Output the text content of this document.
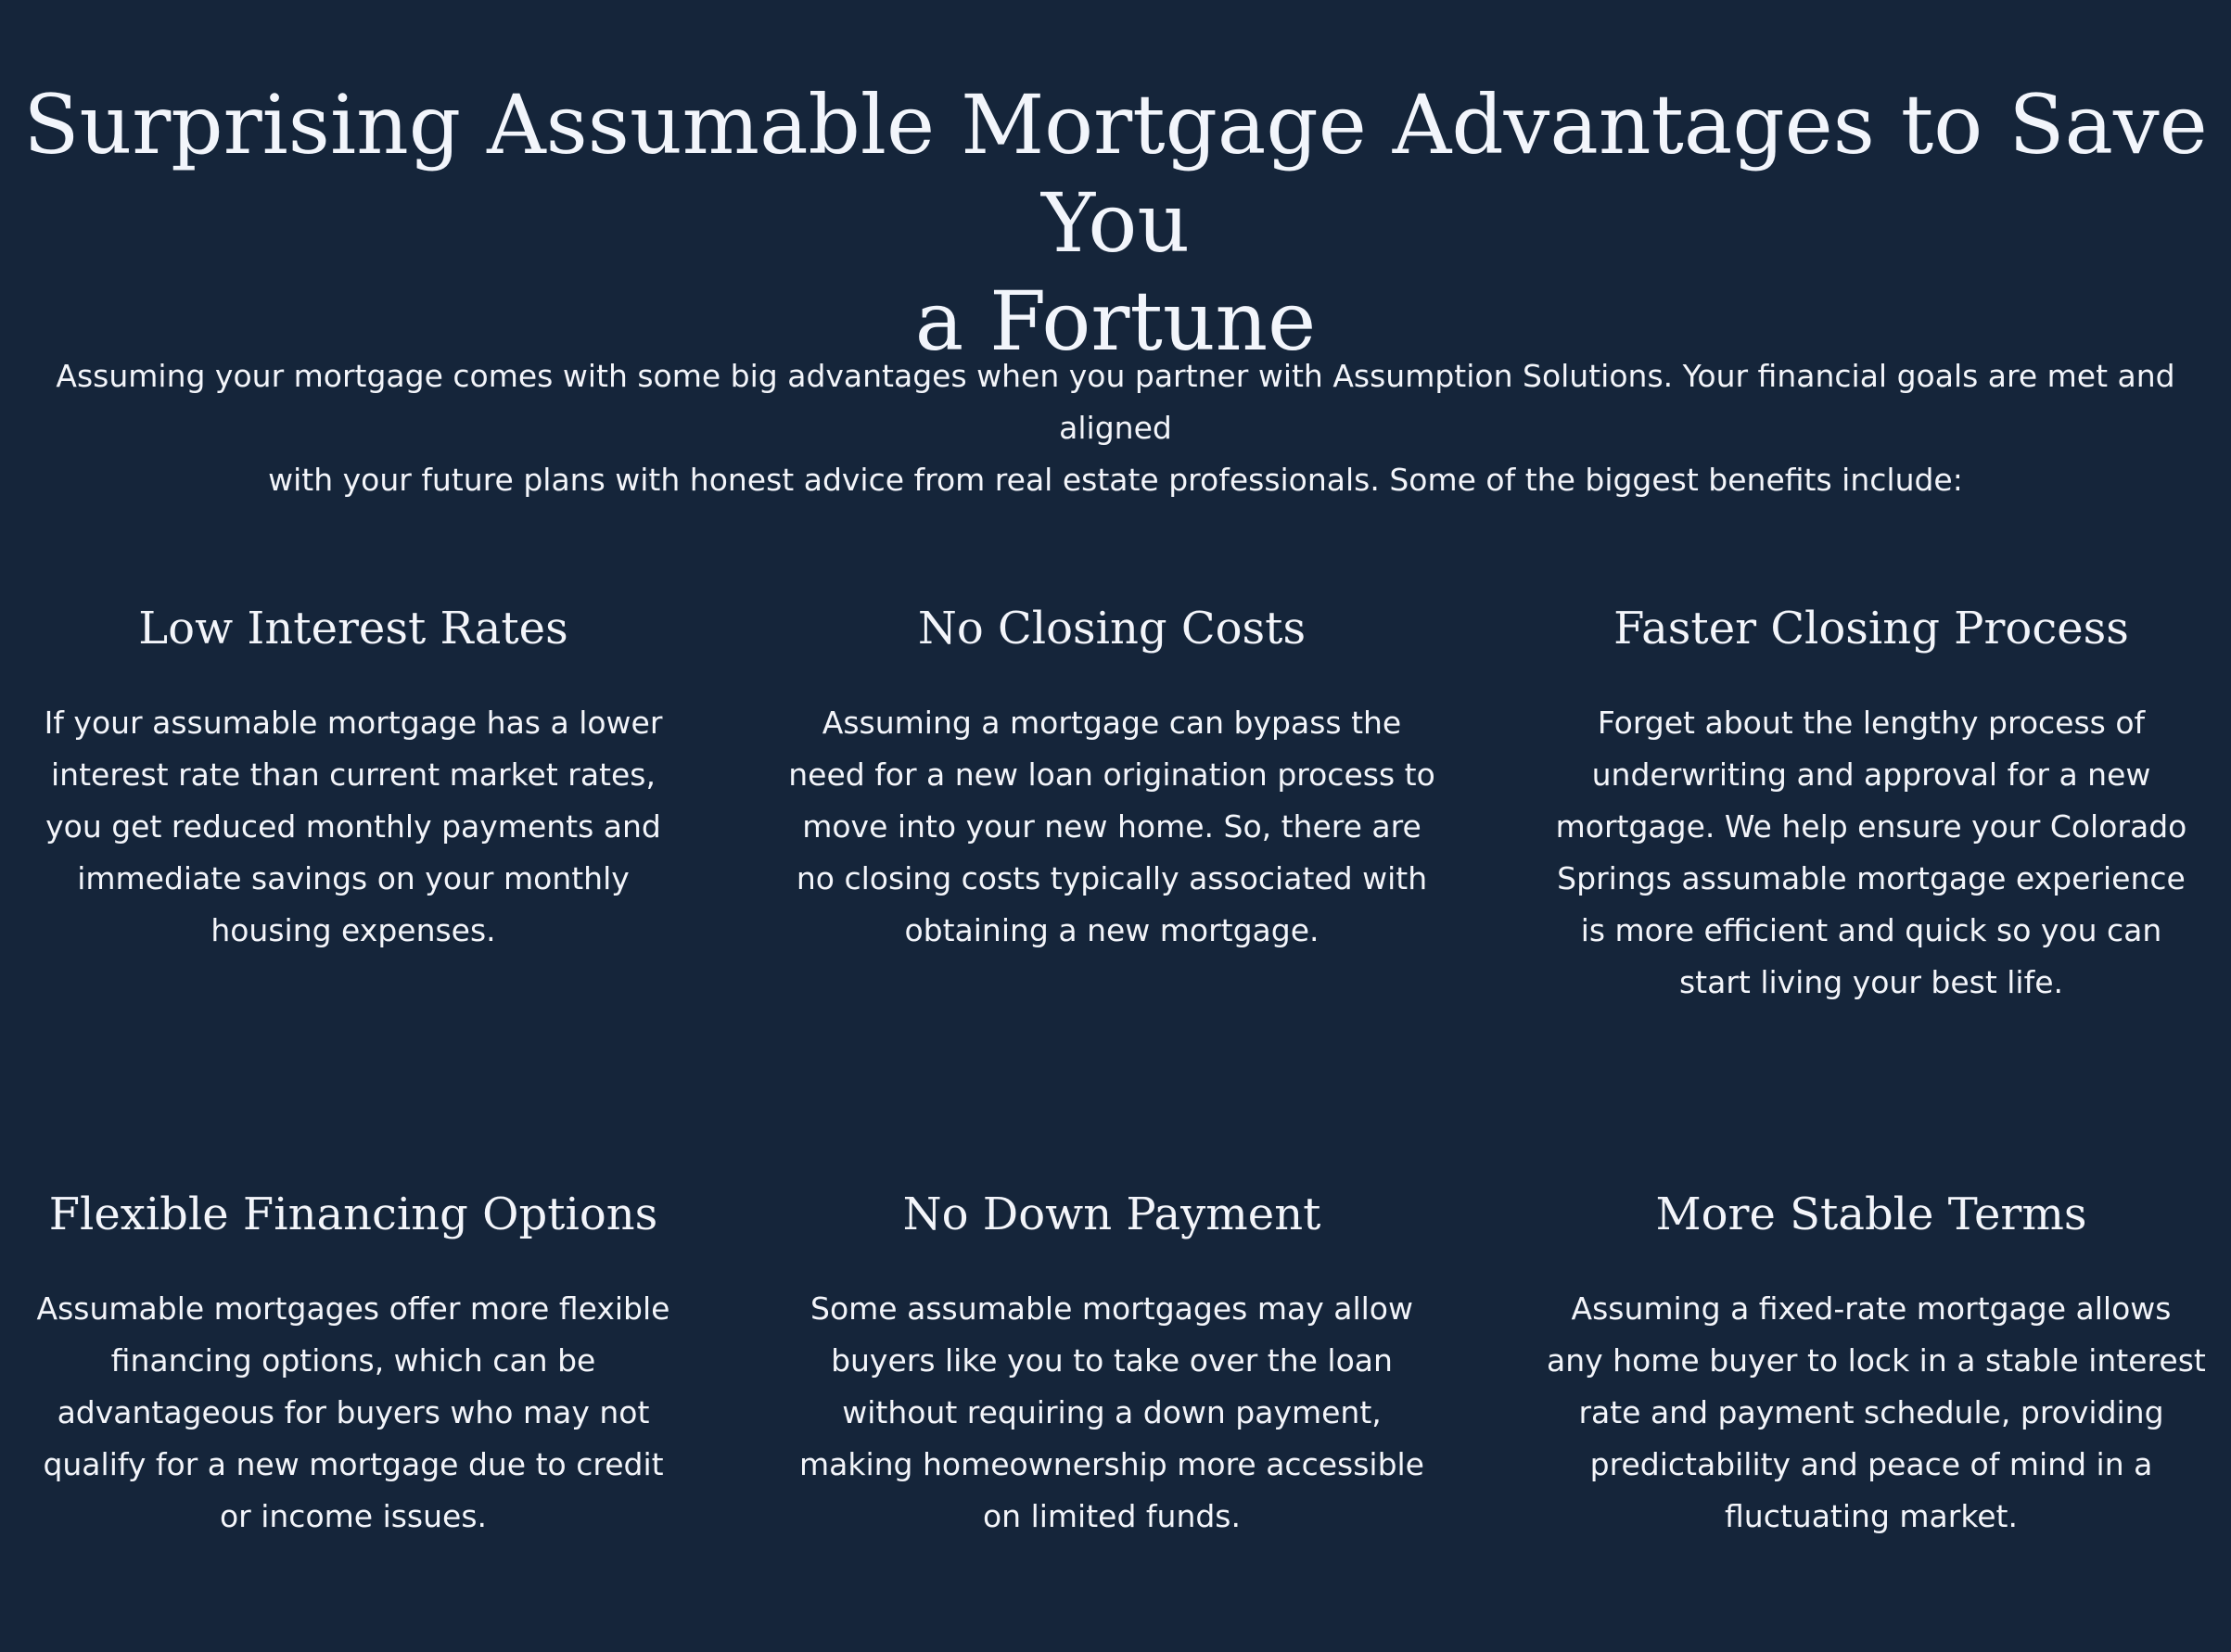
Surprising Assumable Mortgage Advantages to Save You
a Fortune

Assuming your mortgage comes with some big advantages when you partner with Assumption Solutions. Your financial goals are met and aligned
with your future plans with honest advice from real estate professionals. Some of the biggest benefits include:

Low Interest Rates

If your assumable mortgage has a lower
interest rate than current market rates,
you get reduced monthly payments and
immediate savings on your monthly
housing expenses.

No Closing Costs

Assuming a mortgage can bypass the
need for a new loan origination process to
move into your new home. So, there are
no closing costs typically associated with
obtaining a new mortgage.

Faster Closing Process

Forget about the lengthy process of
underwriting and approval for a new
mortgage. We help ensure your Colorado
Springs assumable mortgage experience
is more efficient and quick so you can
start living your best life.

Flexible Financing Options

Assumable mortgages offer more flexible
financing options, which can be
advantageous for buyers who may not
qualify for a new mortgage due to credit
or income issues.

No Down Payment

Some assumable mortgages may allow
buyers like you to take over the loan
without requiring a down payment,
making homeownership more accessible
on limited funds.

More Stable Terms

Assuming a fixed-rate mortgage allows
any home buyer to lock in a stable interest
rate and payment schedule, providing
predictability and peace of mind in a
fluctuating market.
